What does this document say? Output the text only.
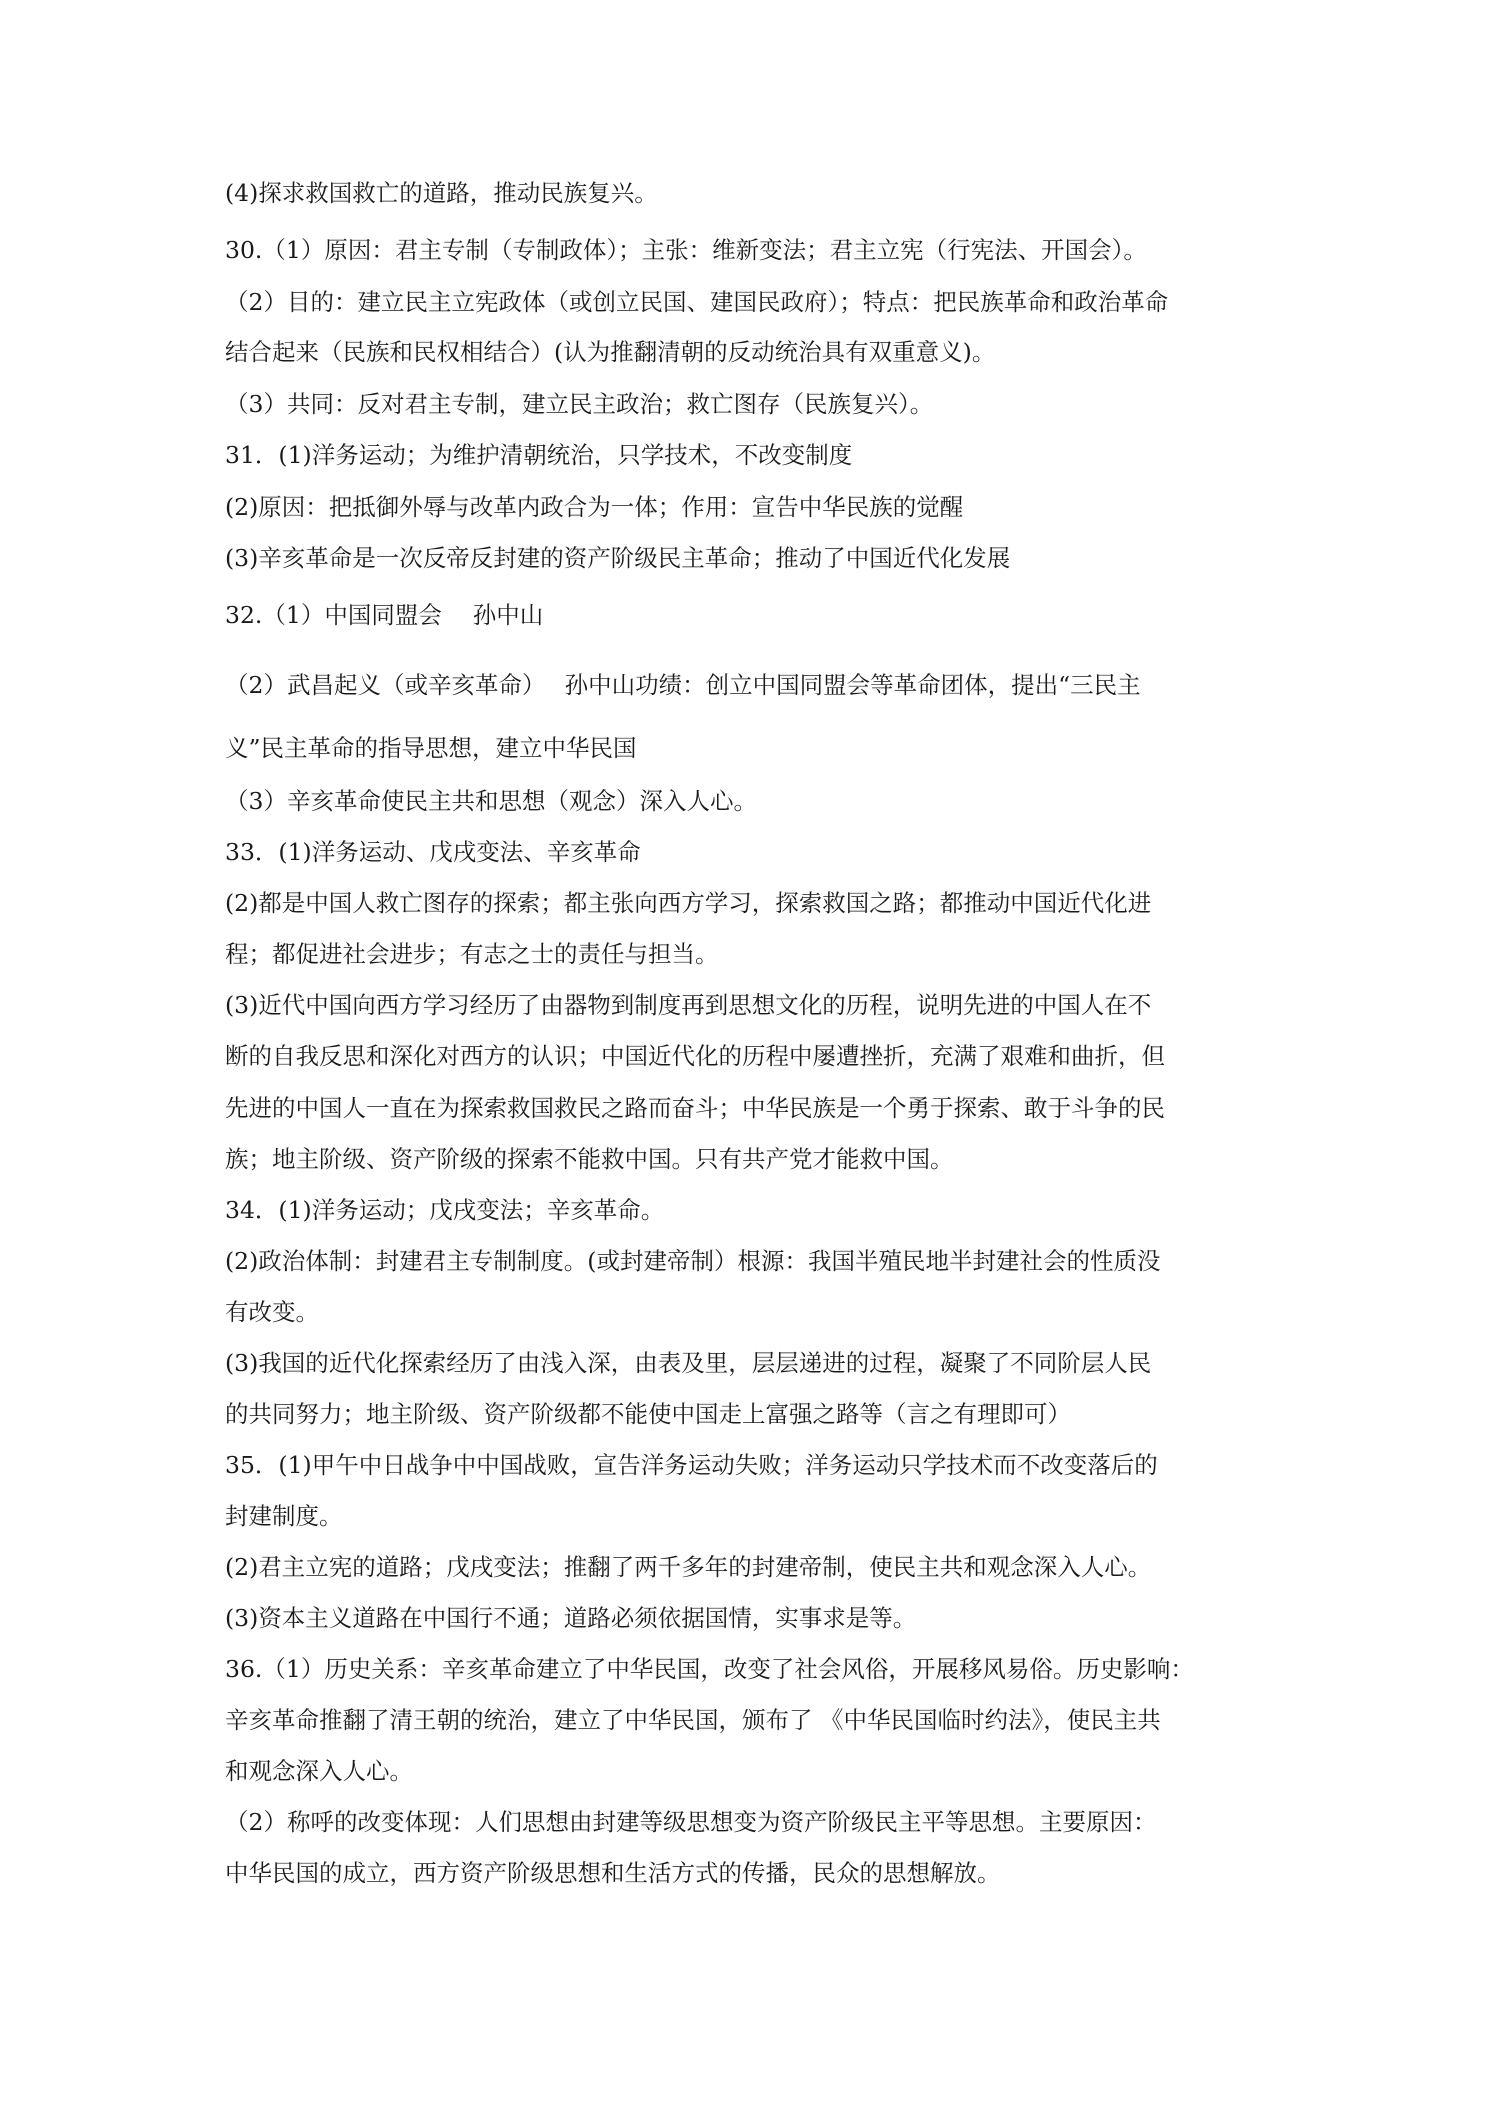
(4)探求救国救亡的道路，推动民族复兴。
30.（1）原因：君主专制（专制政体）；主张：维新变法；君主立宪（行宪法、开国会）。
（2）目的：建立民主立宪政体（或创立民国、建国民政府）；特点：把民族革命和政治革命
结合起来（民族和民权相结合）(认为推翻清朝的反动统治具有双重意义)。
（3）共同：反对君主专制，建立民主政治；救亡图存（民族复兴）。
31．(1)洋务运动；为维护清朝统治，只学技术，不改变制度
(2)原因：把抵御外辱与改革内政合为一体；作用：宣告中华民族的觉醒
(3)辛亥革命是一次反帝反封建的资产阶级民主革命；推动了中国近代化发展
32.（1）中国同盟会　 孙中山
（2）武昌起义（或辛亥革命）　 孙中山功绩：创立中国同盟会等革命团体，提出“三民主
义”民主革命的指导思想，建立中华民国
（3）辛亥革命使民主共和思想（观念）深入人心。
33．(1)洋务运动、戊戌变法、辛亥革命
(2)都是中国人救亡图存的探索；都主张向西方学习，探索救国之路；都推动中国近代化进
程；都促进社会进步；有志之士的责任与担当。
(3)近代中国向西方学习经历了由器物到制度再到思想文化的历程，说明先进的中国人在不
断的自我反思和深化对西方的认识；中国近代化的历程中屡遭挫折，充满了艰难和曲折，但
先进的中国人一直在为探索救国救民之路而奋斗；中华民族是一个勇于探索、敢于斗争的民
族；地主阶级、资产阶级的探索不能救中国。只有共产党才能救中国。
34．(1)洋务运动；戊戌变法；辛亥革命。
(2)政治体制：封建君主专制制度。(或封建帝制）根源：我国半殖民地半封建社会的性质没
有改变。
(3)我国的近代化探索经历了由浅入深，由表及里，层层递进的过程，凝聚了不同阶层人民
的共同努力；地主阶级、资产阶级都不能使中国走上富强之路等（言之有理即可）
35．(1)甲午中日战争中中国战败，宣告洋务运动失败；洋务运动只学技术而不改变落后的
封建制度。
(2)君主立宪的道路；戊戌变法；推翻了两千多年的封建帝制，使民主共和观念深入人心。
(3)资本主义道路在中国行不通；道路必须依据国情，实事求是等。
36.（1）历史关系：辛亥革命建立了中华民国，改变了社会风俗，开展移风易俗。历史影响：
辛亥革命推翻了清王朝的统治，建立了中华民国，颁布了 《中华民国临时约法》，使民主共
和观念深入人心。
（2）称呼的改变体现：人们思想由封建等级思想变为资产阶级民主平等思想。主要原因：
中华民国的成立，西方资产阶级思想和生活方式的传播，民众的思想解放。
